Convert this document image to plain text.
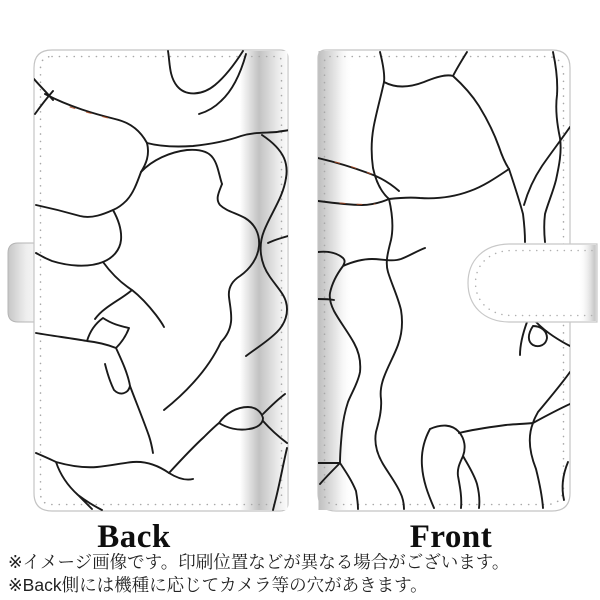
Back	Front
※イメージ画像です。印刷位置などが異なる場合がございます。
※Back側には機種に応じてカメラ等の穴があきます。
